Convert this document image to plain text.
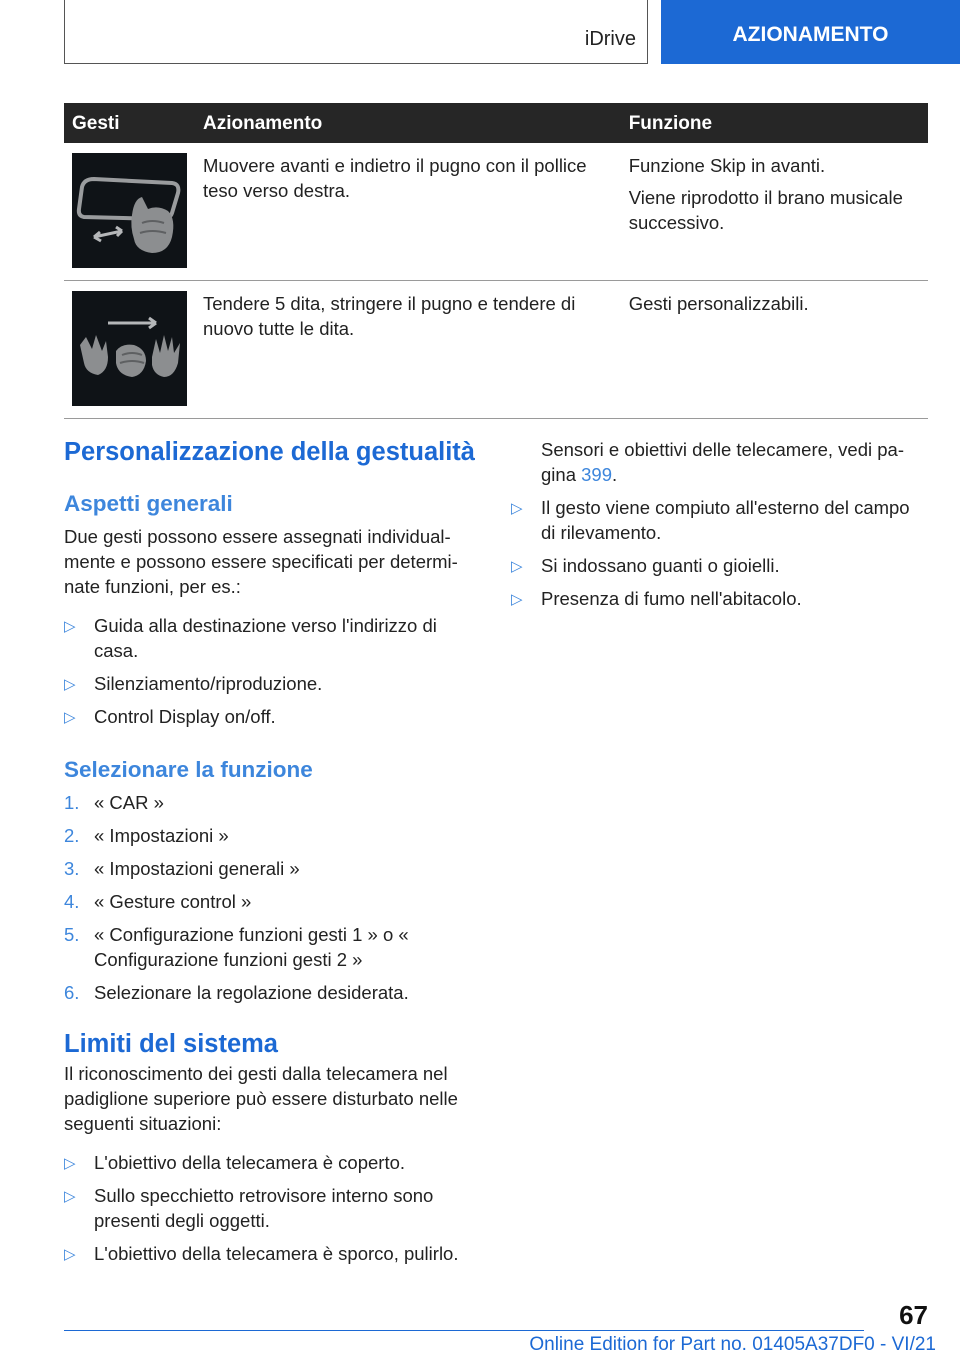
iDrive	AZIONAMENTO
Gesti	Azionamento	Funzione

Muovere avanti e indietro il pugno con il pollice teso verso destra.	Funzione Skip in avanti.

Viene riprodotto il brano musicale successivo.

Tendere 5 dita, stringere il pugno e tendere di nuovo tutte le dita.	Gesti personalizzabili.

Personalizzazione della gestualità
Aspetti generali

Due gesti possono essere assegnati individualmente e possono essere specificati per determinate funzioni, per es.:

▷ Guida alla destinazione verso l'indirizzo di casa.
▷ Silenziamento/riproduzione.
▷ Control Display on/off.
Selezionare la funzione
1. « CAR »
2. « Impostazioni »
3. « Impostazioni generali »
4. « Gesture control »
5. « Configurazione funzioni gesti 1 » o « Configurazione funzioni gesti 2 »
6. Selezionare la regolazione desiderata.
Limiti del sistema

Il riconoscimento dei gesti dalla telecamera nel padiglione superiore può essere disturbato nelle seguenti situazioni:

▷ L'obiettivo della telecamera è coperto.
▷ Sullo specchietto retrovisore interno sono presenti degli oggetti.
▷ L'obiettivo della telecamera è sporco, pulirlo.

Sensori e obiettivi delle telecamere, vedi pagina 399.

▷ Il gesto viene compiuto all'esterno del campo di rilevamento.
▷ Si indossano guanti o gioielli.
▷ Presenza di fumo nell'abitacolo.
67
Online Edition for Part no. 01405A37DF0 - VI/21
